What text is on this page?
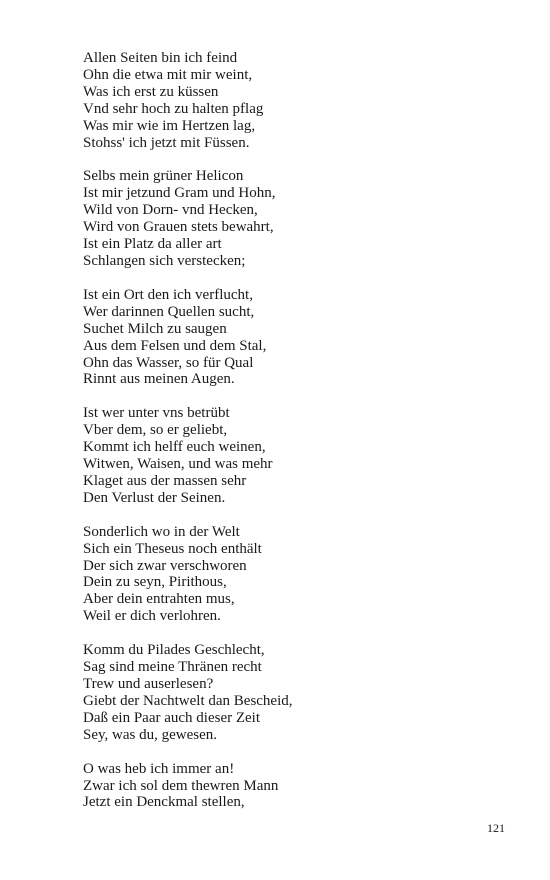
Allen Seiten bin ich feind
Ohn die etwa mit mir weint,
Was ich erst zu küssen
Vnd sehr hoch zu halten pflag
Was mir wie im Hertzen lag,
Stohss' ich jetzt mit Füssen.
Selbs mein grüner Helicon
Ist mir jetzund Gram und Hohn,
Wild von Dorn- vnd Hecken,
Wird von Grauen stets bewahrt,
Ist ein Platz da aller art
Schlangen sich verstecken;
Ist ein Ort den ich verflucht,
Wer darinnen Quellen sucht,
Suchet Milch zu saugen
Aus dem Felsen und dem Stal,
Ohn das Wasser, so für Qual
Rinnt aus meinen Augen.
Ist wer unter vns betrübt
Vber dem, so er geliebt,
Kommt ich helff euch weinen,
Witwen, Waisen, und was mehr
Klaget aus der massen sehr
Den Verlust der Seinen.
Sonderlich wo in der Welt
Sich ein Theseus noch enthält
Der sich zwar verschworen
Dein zu seyn, Pirithous,
Aber dein entrahten mus,
Weil er dich verlohren.
Komm du Pilades Geschlecht,
Sag sind meine Thränen recht
Trew und auserlesen?
Giebt der Nachtwelt dan Bescheid,
Daß ein Paar auch dieser Zeit
Sey, was du, gewesen.
O was heb ich immer an!
Zwar ich sol dem thewren Mann
Jetzt ein Denckmal stellen,
121
